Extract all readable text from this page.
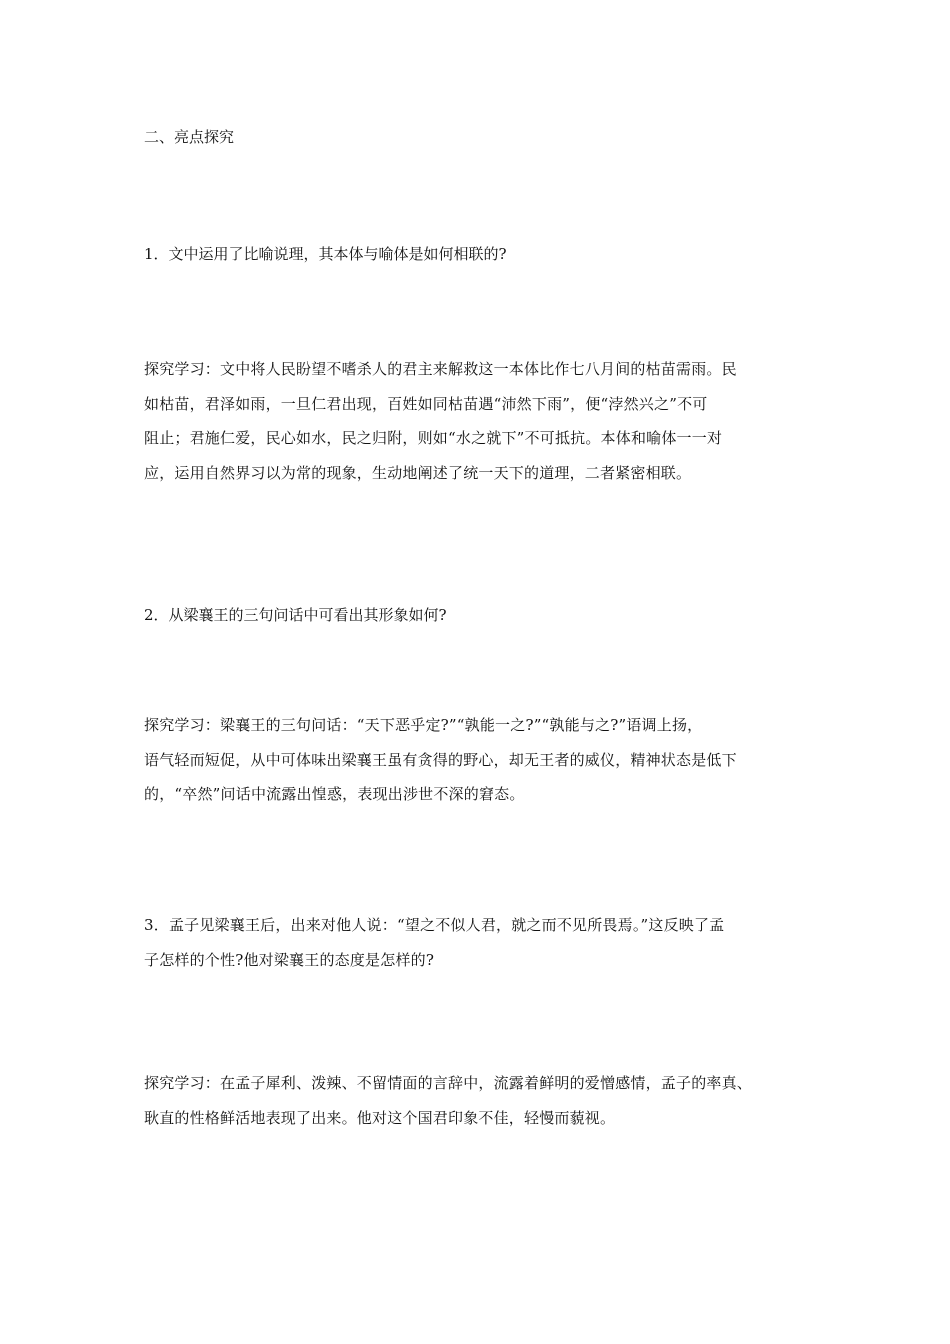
二、亮点探究
1．文中运用了比喻说理，其本体与喻体是如何相联的?
探究学习：文中将人民盼望不嗜杀人的君主来解救这一本体比作七八月间的枯苗需雨。民
如枯苗，君泽如雨，一旦仁君出现，百姓如同枯苗遇“沛然下雨”，便“浡然兴之”不可
阻止；君施仁爱，民心如水，民之归附，则如“水之就下”不可抵抗。本体和喻体一一对
应，运用自然界习以为常的现象，生动地阐述了统一天下的道理，二者紧密相联。
2．从梁襄王的三句问话中可看出其形象如何?
探究学习：梁襄王的三句问话：“天下恶乎定?”“孰能一之?”“孰能与之?”语调上扬，
语气轻而短促，从中可体味出梁襄王虽有贪得的野心，却无王者的威仪，精神状态是低下
的，“卒然”问话中流露出惶惑，表现出涉世不深的窘态。
3．孟子见梁襄王后，出来对他人说：“望之不似人君，就之而不见所畏焉。”这反映了孟
子怎样的个性?他对梁襄王的态度是怎样的?
探究学习：在孟子犀利、泼辣、不留情面的言辞中，流露着鲜明的爱憎感情，孟子的率真、
耿直的性格鲜活地表现了出来。他对这个国君印象不佳，轻慢而藐视。
